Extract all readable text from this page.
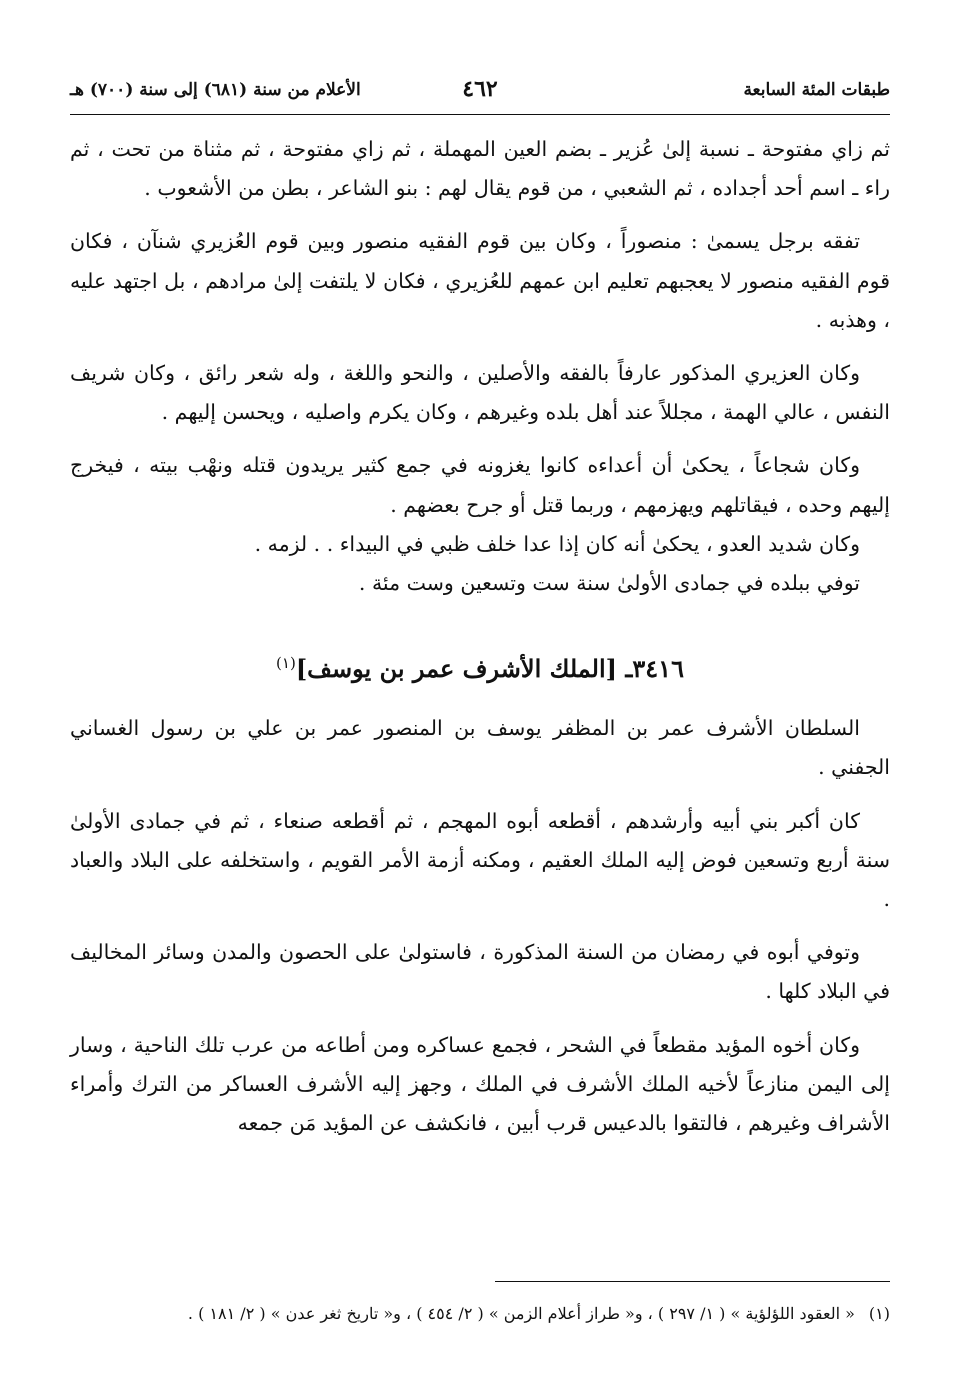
طبقات المئة السابعة
٤٦٢
الأعلام من سنة (٦٨١) إلى سنة (٧٠٠) هـ

ثم زاي مفتوحة ـ نسبة إلىٰ عُزير ـ بضم العين المهملة ، ثم زاي مفتوحة ، ثم مثناة من تحت ، ثم راء ـ اسم أحد أجداده ، ثم الشعبي ، من قوم يقال لهم : بنو الشاعر ، بطن من الأشعوب .

تفقه برجل يسمىٰ : منصوراً ، وكان بين قوم الفقيه منصور وبين قوم العُزيري شنآن ، فكان قوم الفقيه منصور لا يعجبهم تعليم ابن عمهم للعُزيري ، فكان لا يلتفت إلىٰ مرادهم ، بل اجتهد عليه ، وهذبه .

وكان العزيري المذكور عارفاً بالفقه والأصلين ، والنحو واللغة ، وله شعر رائق ، وكان شريف النفس ، عالي الهمة ، مجللاً عند أهل بلده وغيرهم ، وكان يكرم واصليه ، ويحسن إليهم .

وكان شجاعاً ، يحكىٰ أن أعداءه كانوا يغزونه في جمع كثير يريدون قتله ونهْب بيته ، فيخرج إليهم وحده ، فيقاتلهم ويهزمهم ، وربما قتل أو جرح بعضهم .

وكان شديد العدو ، يحكىٰ أنه كان إذا عدا خلف ظبي في البيداء . . لزمه .

توفي ببلده في جمادى الأولىٰ سنة ست وتسعين وست مئة .

٣٤١٦ـ [الملك الأشرف عمر بن يوسف]$^{(١)}$

السلطان الأشرف عمر بن المظفر يوسف بن المنصور عمر بن علي بن رسول الغساني الجفني .

كان أكبر بني أبيه وأرشدهم ، أقطعه أبوه المهجم ، ثم أقطعه صنعاء ، ثم في جمادى الأولىٰ سنة أربع وتسعين فوض إليه الملك العقيم ، ومكنه أزمة الأمر القويم ، واستخلفه على البلاد والعباد .

وتوفي أبوه في رمضان من السنة المذكورة ، فاستولىٰ على الحصون والمدن وسائر المخاليف في البلاد كلها .

وكان أخوه المؤيد مقطعاً في الشحر ، فجمع عساكره ومن أطاعه من عرب تلك الناحية ، وسار إلى اليمن منازعاً لأخيه الملك الأشرف في الملك ، وجهز إليه الأشرف العساكر من الترك وأمراء الأشراف وغيرهم ، فالتقوا بالدعيس قرب أبين ، فانكشف عن المؤيد مَن جمعه

(١)« العقود اللؤلؤية » ( ١/ ٢٩٧ ) ، و« طراز أعلام الزمن » ( ٢/ ٤٥٤ ) ، و« تاريخ ثغر عدن » ( ٢/ ١٨١ ) .
